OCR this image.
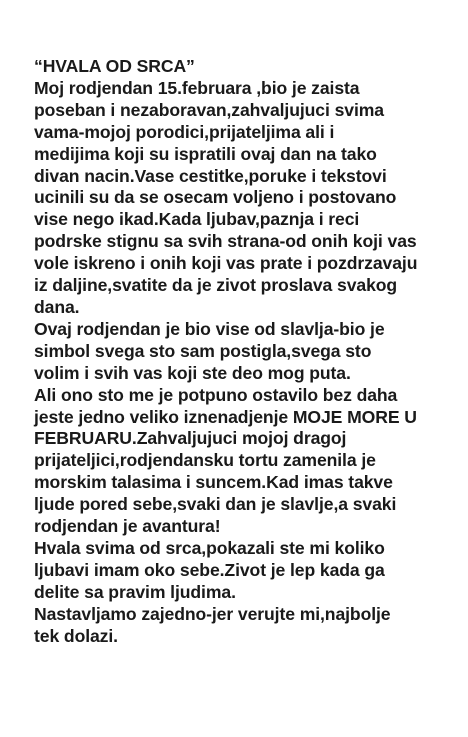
“HVALA OD SRCA”
Moj rodjendan 15.februara ,bio je zaista
poseban i nezaboravan,zahvaljujuci svima
vama-mojoj porodici,prijateljima ali i
medijima koji su ispratili ovaj dan na tako
divan nacin.Vase cestitke,poruke i tekstovi
ucinili su da se osecam voljeno i postovano
vise nego ikad.Kada ljubav,paznja i reci
podrske stignu sa svih strana-od onih koji vas
vole iskreno i onih koji vas prate i pozdrzavaju
iz daljine,svatite da je zivot proslava svakog
dana.
Ovaj rodjendan je bio vise od slavlja-bio je
simbol svega sto sam postigla,svega sto
volim i svih vas koji ste deo mog puta.
Ali ono sto me je potpuno ostavilo bez daha
jeste jedno veliko iznenadjenje MOJE MORE U
FEBRUARU.Zahvaljujuci mojoj dragoj
prijateljici,rodjendansku tortu zamenila je
morskim talasima i suncem.Kad imas takve
ljude pored sebe,svaki dan je slavlje,a svaki
rodjendan je avantura!
Hvala svima od srca,pokazali ste mi koliko
ljubavi imam oko sebe.Zivot je lep kada ga
delite sa pravim ljudima.
Nastavljamo zajedno-jer verujte mi,najbolje
tek dolazi.
